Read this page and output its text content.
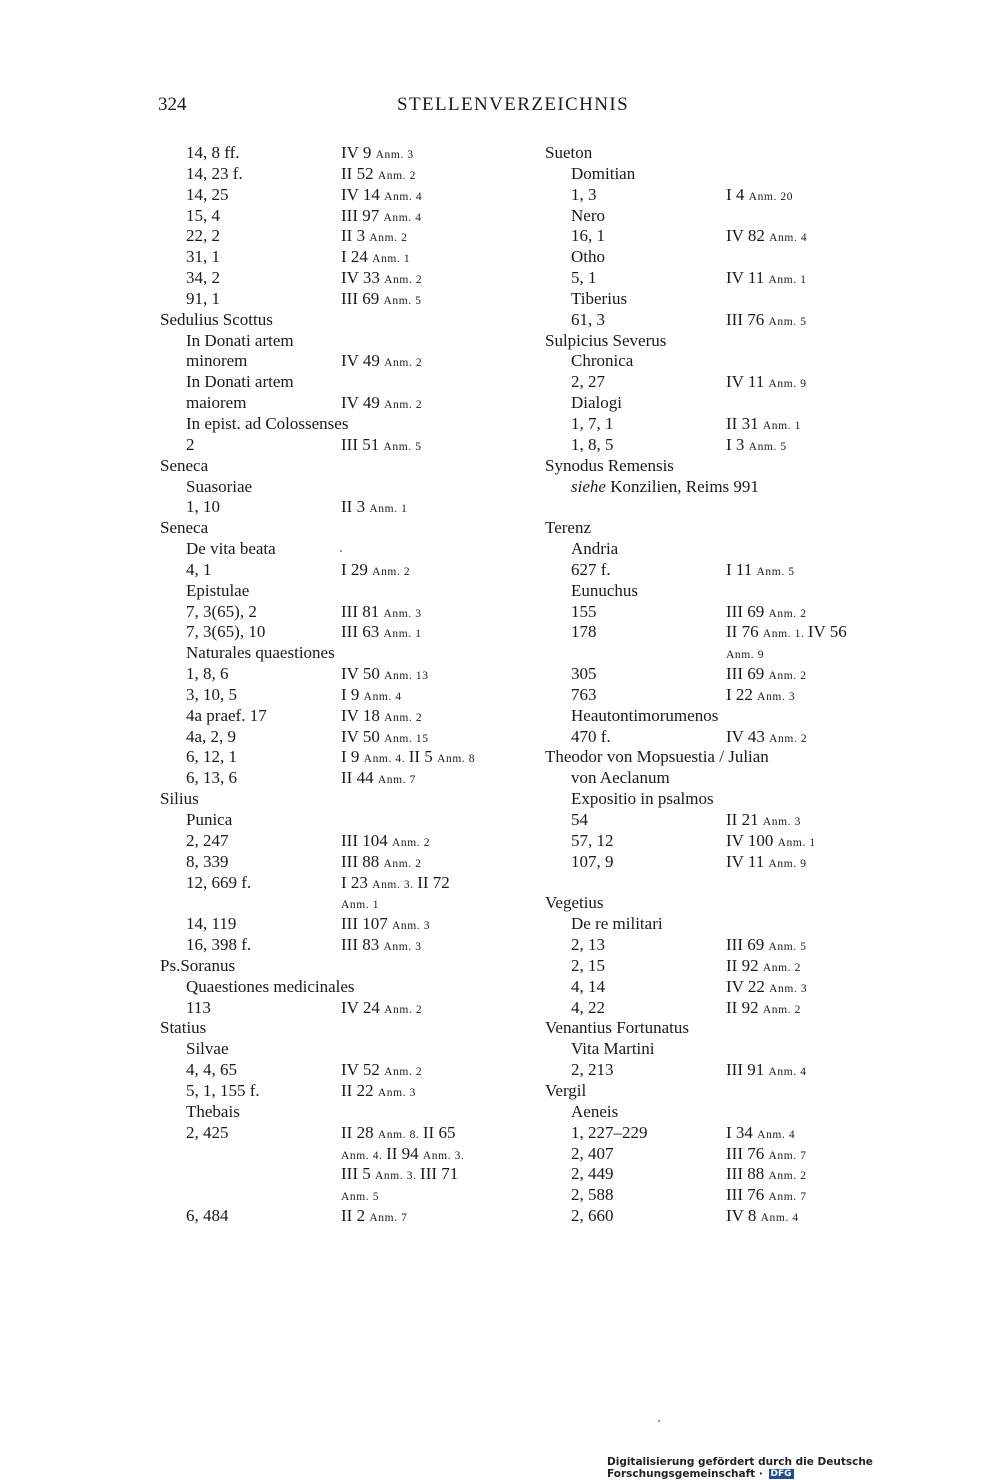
324	STELLENVERZEICHNIS
14, 8 ff.	IV 9 Anm. 3
14, 23 f.	II 52 Anm. 2
14, 25	IV 14 Anm. 4
15, 4	III 97 Anm. 4
22, 2	II 3 Anm. 2
31, 1	I 24 Anm. 1
34, 2	IV 33 Anm. 2
91, 1	III 69 Anm. 5
Sedulius Scottus
In Donati artem
minorem	IV 49 Anm. 2
In Donati artem
maiorem	IV 49 Anm. 2
In epist. ad Colossenses
2	III 51 Anm. 5
Seneca
Suasoriae
1, 10	II 3 Anm. 1
Seneca
De vita beata
4, 1	I 29 Anm. 2
Epistulae
7, 3(65), 2	III 81 Anm. 3
7, 3(65), 10	III 63 Anm. 1
Naturales quaestiones
1, 8, 6	IV 50 Anm. 13
3, 10, 5	I 9 Anm. 4
4a praef. 17	IV 18 Anm. 2
4a, 2, 9	IV 50 Anm. 15
6, 12, 1	I 9 Anm. 4. II 5 Anm. 8
6, 13, 6	II 44 Anm. 7
Silius
Punica
2, 247	III 104 Anm. 2
8, 339	III 88 Anm. 2
12, 669 f.	I 23 Anm. 3. II 72
Anm. 1
14, 119	III 107 Anm. 3
16, 398 f.	III 83 Anm. 3
Ps.Soranus
Quaestiones medicinales
113	IV 24 Anm. 2
Statius
Silvae
4, 4, 65	IV 52 Anm. 2
5, 1, 155 f.	II 22 Anm. 3
Thebais
2, 425	II 28 Anm. 8. II 65
Anm. 4. II 94 Anm. 3.
III 5 Anm. 3. III 71
Anm. 5
6, 484	II 2 Anm. 7
Sueton
Domitian
1, 3	I 4 Anm. 20
Nero
16, 1	IV 82 Anm. 4
Otho
5, 1	IV 11 Anm. 1
Tiberius
61, 3	III 76 Anm. 5
Sulpicius Severus
Chronica
2, 27	IV 11 Anm. 9
Dialogi
1, 7, 1	II 31 Anm. 1
1, 8, 5	I 3 Anm. 5
Synodus Remensis
siehe Konzilien, Reims 991
Terenz
Andria
627 f.	I 11 Anm. 5
Eunuchus
155	III 69 Anm. 2
178	II 76 Anm. 1. IV 56
Anm. 9
305	III 69 Anm. 2
763	I 22 Anm. 3
Heautontimorumenos
470 f.	IV 43 Anm. 2
Theodor von Mopsuestia / Julian
von Aeclanum
Expositio in psalmos
54	II 21 Anm. 3
57, 12	IV 100 Anm. 1
107, 9	IV 11 Anm. 9
Vegetius
De re militari
2, 13	III 69 Anm. 5
2, 15	II 92 Anm. 2
4, 14	IV 22 Anm. 3
4, 22	II 92 Anm. 2
Venantius Fortunatus
Vita Martini
2, 213	III 91 Anm. 4
Vergil
Aeneis
1, 227–229	I 34 Anm. 4
2, 407	III 76 Anm. 7
2, 449	III 88 Anm. 2
2, 588	III 76 Anm. 7
2, 660	IV 8 Anm. 4
Digitalisierung gefördert durch die Deutsche Forschungsgemeinschaft · DFG
